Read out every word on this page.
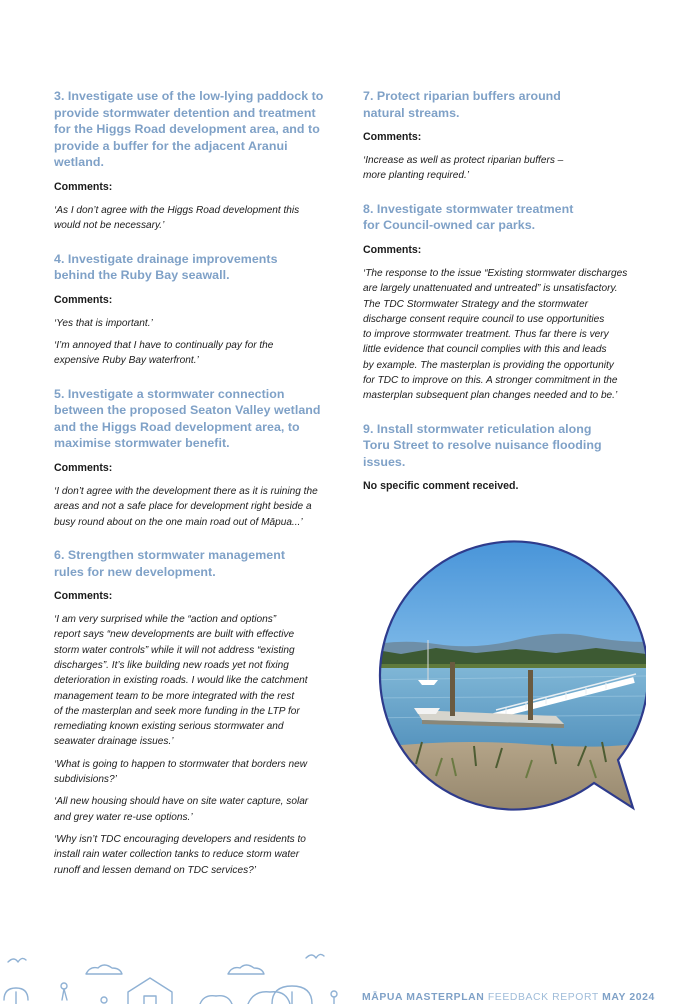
3. Investigate use of the low-lying paddock to
provide stormwater detention and treatment
for the Higgs Road development area, and to
provide a buffer for the adjacent Aranui wetland.
Comments:
‘As I don’t agree with the Higgs Road development this
would not be necessary.’
4. Investigate drainage improvements
behind the Ruby Bay seawall.
Comments:
‘Yes that is important.’
‘I’m annoyed that I have to continually pay for the
expensive Ruby Bay waterfront.’
5. Investigate a stormwater connection
between the proposed Seaton Valley wetland
and the Higgs Road development area, to
maximise stormwater benefit.
Comments:
‘I don’t agree with the development there as it is ruining the
areas and not a safe place for development right beside a
busy round about on the one main road out of Māpua...’
6. Strengthen stormwater management
rules for new development.
Comments:
‘I am very surprised while the “action and options”
report says “new developments are built with effective
storm water controls” while it will not address “existing
discharges”. It’s like building new roads yet not fixing
deterioration in existing roads. I would like the catchment
management team to be more integrated with the rest
of the masterplan and seek more funding in the LTP for
remediating known existing serious stormwater and
seawater drainage issues.’
‘What is going to happen to stormwater that borders new
subdivisions?’
‘All new housing should have on site water capture, solar
and grey water re-use options.’
‘Why isn’t TDC encouraging developers and residents to
install rain water collection tanks to reduce storm water
runoff and lessen demand on TDC services?’
7. Protect riparian buffers around
natural streams.
Comments:
‘Increase as well as protect riparian buffers –
more planting required.’
8. Investigate stormwater treatment
for Council-owned car parks.
Comments:
‘The response to the issue “Existing stormwater discharges
are largely unattenuated and untreated” is unsatisfactory.
The TDC Stormwater Strategy and the stormwater
discharge consent require council to use opportunities
to improve stormwater treatment. Thus far there is very
little evidence that council complies with this and leads
by example. The masterplan is providing the opportunity
for TDC to improve on this. A stronger commitment in the
masterplan subsequent plan changes needed and to be.’
9. Install stormwater reticulation along
Toru Street to resolve nuisance flooding issues.
No specific comment received.
MĀPUA MASTERPLAN FEEDBACK REPORT MAY 2024
